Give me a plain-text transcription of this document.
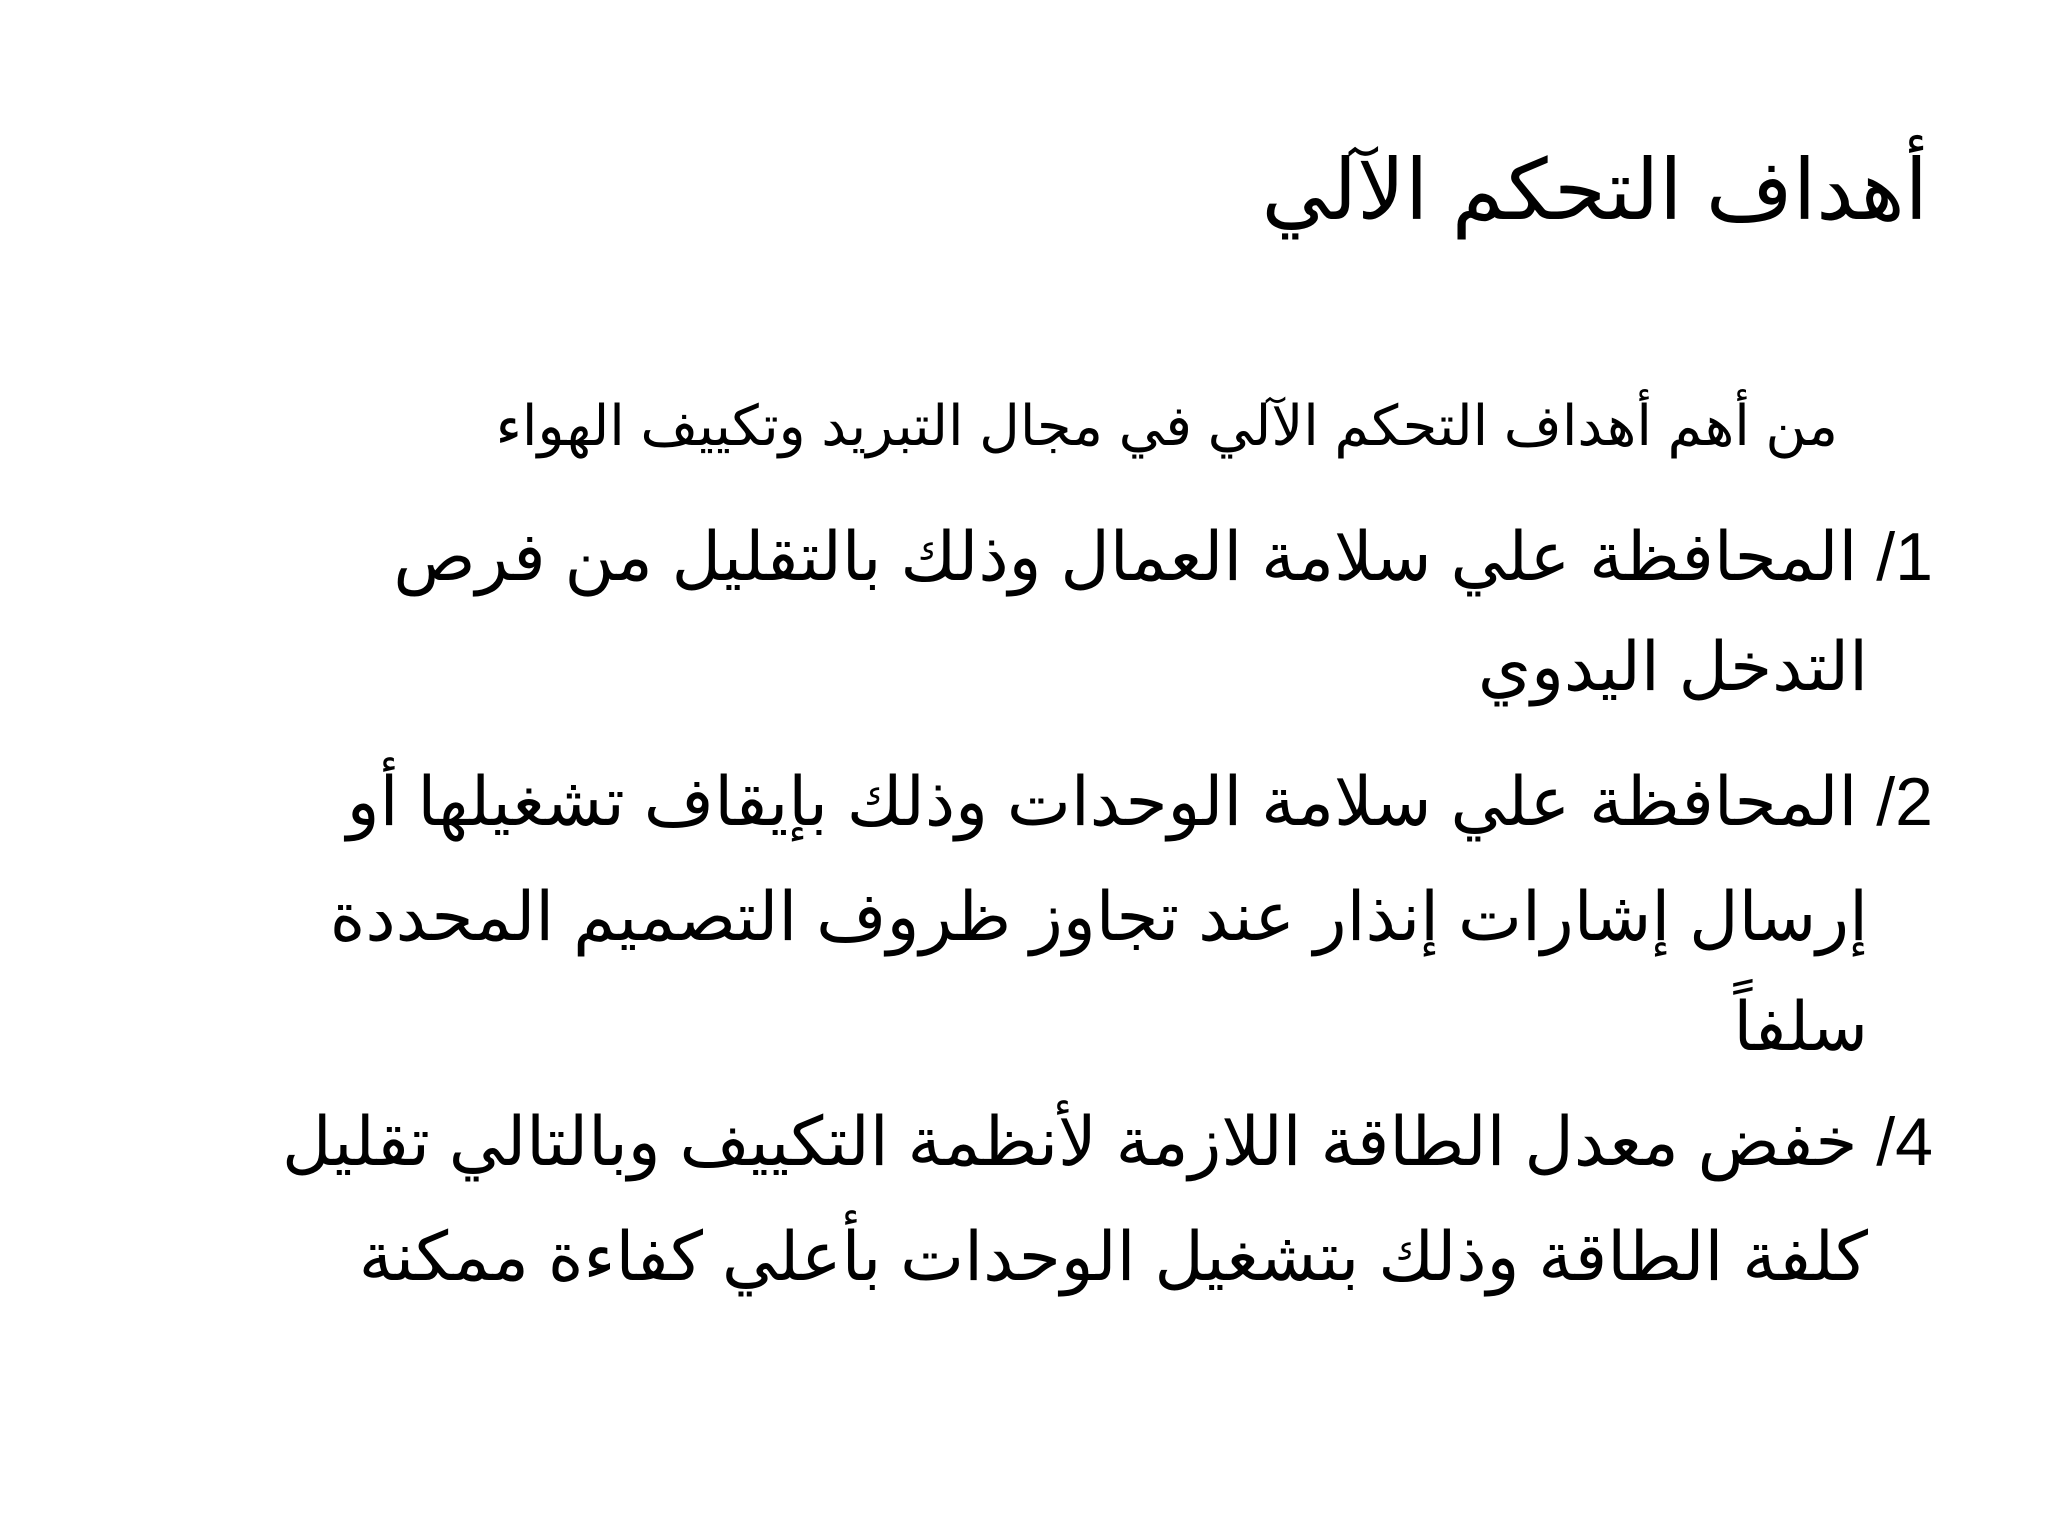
أهداف التحكم الآلي

من أهم أهداف التحكم الآلي في مجال التبريد وتكييف الهواء

1/ المحافظة علي سلامة العمال وذلك بالتقليل من فرص

التدخل اليدوي

2/ المحافظة علي سلامة الوحدات وذلك بإيقاف تشغيلها أو

إرسال إشارات إنذار عند تجاوز ظروف التصميم المحددة

سلفاً

4/ خفض معدل الطاقة اللازمة لأنظمة التكييف وبالتالي تقليل

كلفة الطاقة وذلك بتشغيل الوحدات بأعلي كفاءة ممكنة
